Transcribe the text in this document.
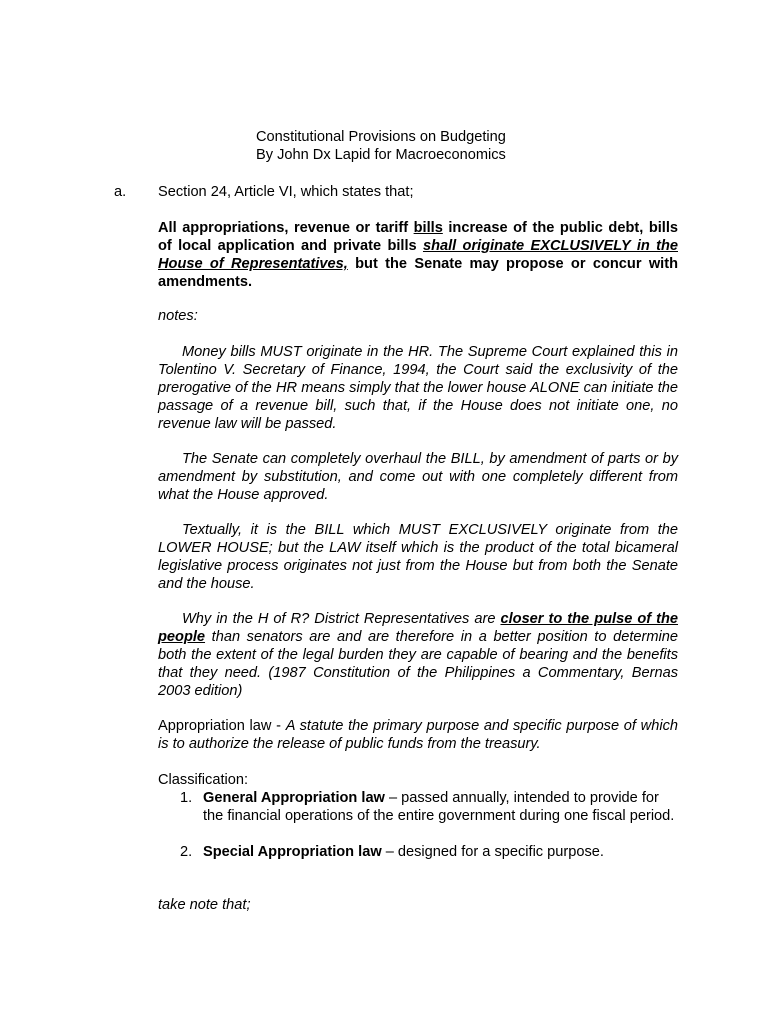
Constitutional Provisions on Budgeting
By John Dx Lapid for Macroeconomics
a. Section 24, Article VI, which states that;
All appropriations, revenue or tariff bills increase of the public debt, bills of local application and private bills shall originate EXCLUSIVELY in the House of Representatives, but the Senate may propose or concur with amendments.
notes:

Money bills MUST originate in the HR. The Supreme Court explained this in Tolentino V. Secretary of Finance, 1994, the Court said the exclusivity of the prerogative of the HR means simply that the lower house ALONE can initiate the passage of a revenue bill, such that, if the House does not initiate one, no revenue law will be passed.

The Senate can completely overhaul the BILL, by amendment of parts or by amendment by substitution, and come out with one completely different from what the House approved.

Textually, it is the BILL which MUST EXCLUSIVELY originate from the LOWER HOUSE; but the LAW itself which is the product of the total bicameral legislative process originates not just from the House but from both the Senate and the house.

Why in the H of R? District Representatives are closer to the pulse of the people than senators are and are therefore in a better position to determine both the extent of the legal burden they are capable of bearing and the benefits that they need. (1987 Constitution of the Philippines a Commentary, Bernas 2003 edition)

Appropriation law - A statute the primary purpose and specific purpose of which is to authorize the release of public funds from the treasury.
Classification:
1. General Appropriation law – passed annually, intended to provide for the financial operations of the entire government during one fiscal period.
2. Special Appropriation law – designed for a specific purpose.
take note that;
